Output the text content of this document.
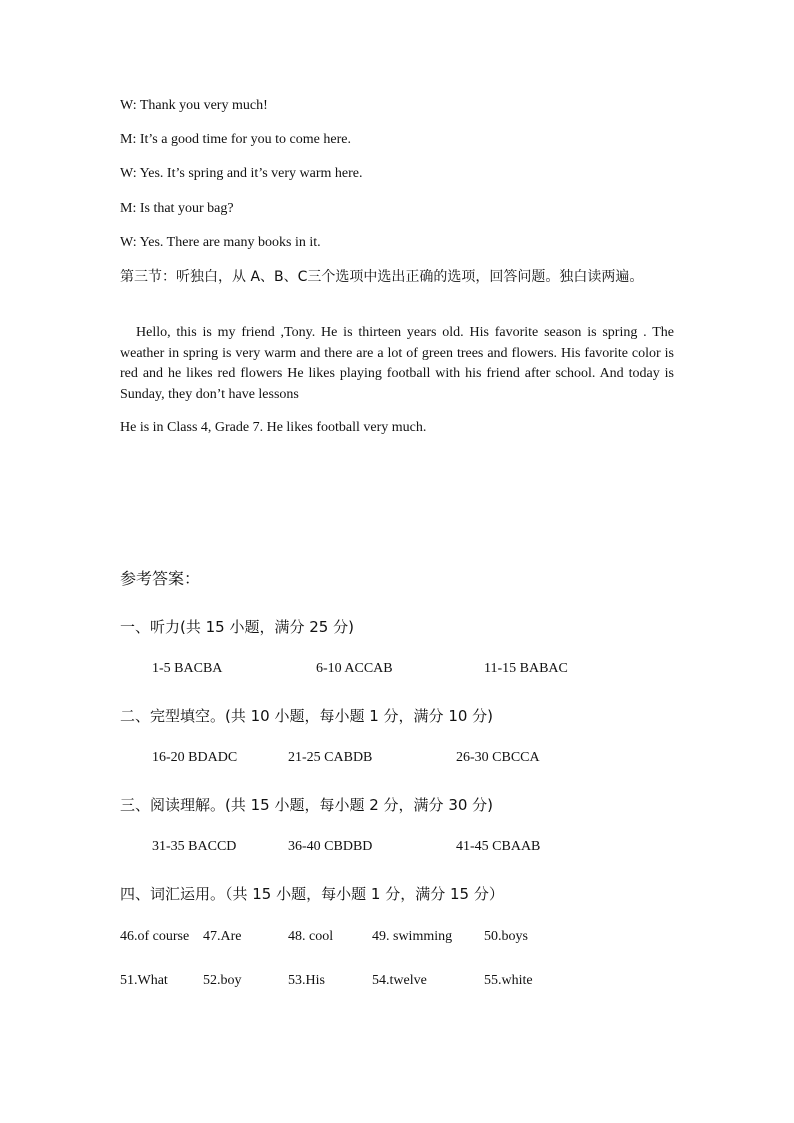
W: Thank you very much!
M: It’s a good time for you to come here.
W: Yes. It’s spring and it’s very warm here.
M: Is that your bag?
W: Yes. There are many books in it.
第三节：听独白，从 A、B、C三个选项中选出正确的选项，回答问题。独白读两遍。
Hello, this is my friend ,Tony. He is thirteen years old. His favorite season is spring . The weather in spring is very warm and there are a lot of green trees and flowers. His favorite color is red and he likes red flowers He likes playing football with his friend after school. And today is Sunday, they don’t have lessons
He is in Class 4, Grade 7. He likes football very much.
参考答案：
一、听力(共 15 小题，满分 25 分)
1-5 BACBA	6-10 ACCAB	11-15 BABAC
二、完型填空。(共 10 小题，每小题 1 分，满分 10 分)
16-20 BDADC	21-25 CABDB	26-30 CBCCA
三、阅读理解。(共 15 小题，每小题 2 分，满分 30 分)
31-35 BACCD	36-40 CBDBD	41-45 CBAAB
四、词汇运用。（共 15 小题，每小题 1 分，满分 15 分）
46.of course 47.Are	48. cool	49. swimming 50.boys
51.What	52.boy	53.His	54.twelve	55.white
